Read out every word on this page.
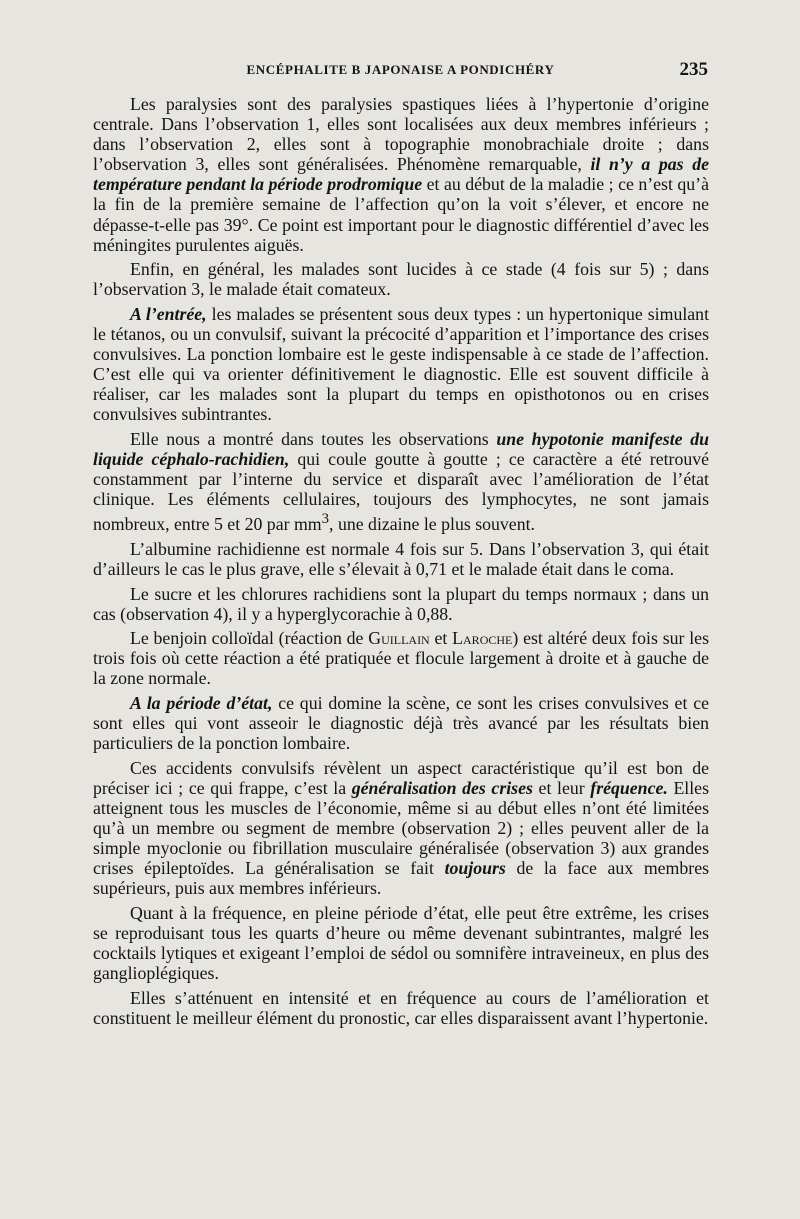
ENCÉPHALITE B JAPONAISE A PONDICHÉRY	235

Les paralysies sont des paralysies spastiques liées à l’hypertonie d’origine centrale. Dans l’observation 1, elles sont localisées aux deux membres inférieurs ; dans l’observation 2, elles sont à topographie monobrachiale droite ; dans l’observation 3, elles sont généralisées. Phénomène remarquable, il n’y a pas de température pendant la période prodromique et au début de la maladie ; ce n’est qu’à la fin de la première semaine de l’affection qu’on la voit s’élever, et encore ne dépasse-t-elle pas 39°. Ce point est important pour le diagnostic différentiel d’avec les méningites purulentes aiguës.

Enfin, en général, les malades sont lucides à ce stade (4 fois sur 5) ; dans l’observation 3, le malade était comateux.

A l’entrée, les malades se présentent sous deux types : un hypertonique simulant le tétanos, ou un convulsif, suivant la précocité d’apparition et l’importance des crises convulsives. La ponction lombaire est le geste indispensable à ce stade de l’affection. C’est elle qui va orienter définitivement le diagnostic. Elle est souvent difficile à réaliser, car les malades sont la plupart du temps en opisthotonos ou en crises convulsives subintrantes.

Elle nous a montré dans toutes les observations une hypotonie manifeste du liquide céphalo-rachidien, qui coule goutte à goutte ; ce caractère a été retrouvé constamment par l’interne du service et disparaît avec l’amélioration de l’état clinique. Les éléments cellulaires, toujours des lymphocytes, ne sont jamais nombreux, entre 5 et 20 par $mm^3$, une dizaine le plus souvent.

L’albumine rachidienne est normale 4 fois sur 5. Dans l’observation 3, qui était d’ailleurs le cas le plus grave, elle s’élevait à 0,71 et le malade était dans le coma.

Le sucre et les chlorures rachidiens sont la plupart du temps normaux ; dans un cas (observation 4), il y a hyperglycorachie à 0,88.

Le benjoin colloïdal (réaction de Guillain et Laroche) est altéré deux fois sur les trois fois où cette réaction a été pratiquée et flocule largement à droite et à gauche de la zone normale.

A la période d’état, ce qui domine la scène, ce sont les crises convulsives et ce sont elles qui vont asseoir le diagnostic déjà très avancé par les résultats bien particuliers de la ponction lombaire.

Ces accidents convulsifs révèlent un aspect caractéristique qu’il est bon de préciser ici ; ce qui frappe, c’est la généralisation des crises et leur fréquence. Elles atteignent tous les muscles de l’économie, même si au début elles n’ont été limitées qu’à un membre ou segment de membre (observation 2) ; elles peuvent aller de la simple myoclonie ou fibrillation musculaire généralisée (observation 3) aux grandes crises épileptoïdes. La généralisation se fait toujours de la face aux membres supérieurs, puis aux membres inférieurs.

Quant à la fréquence, en pleine période d’état, elle peut être extrême, les crises se reproduisant tous les quarts d’heure ou même devenant subintrantes, malgré les cocktails lytiques et exigeant l’emploi de sédol ou somnifère intraveineux, en plus des ganglioplégiques.

Elles s’atténuent en intensité et en fréquence au cours de l’amélioration et constituent le meilleur élément du pronostic, car elles disparaissent avant l’hypertonie.
